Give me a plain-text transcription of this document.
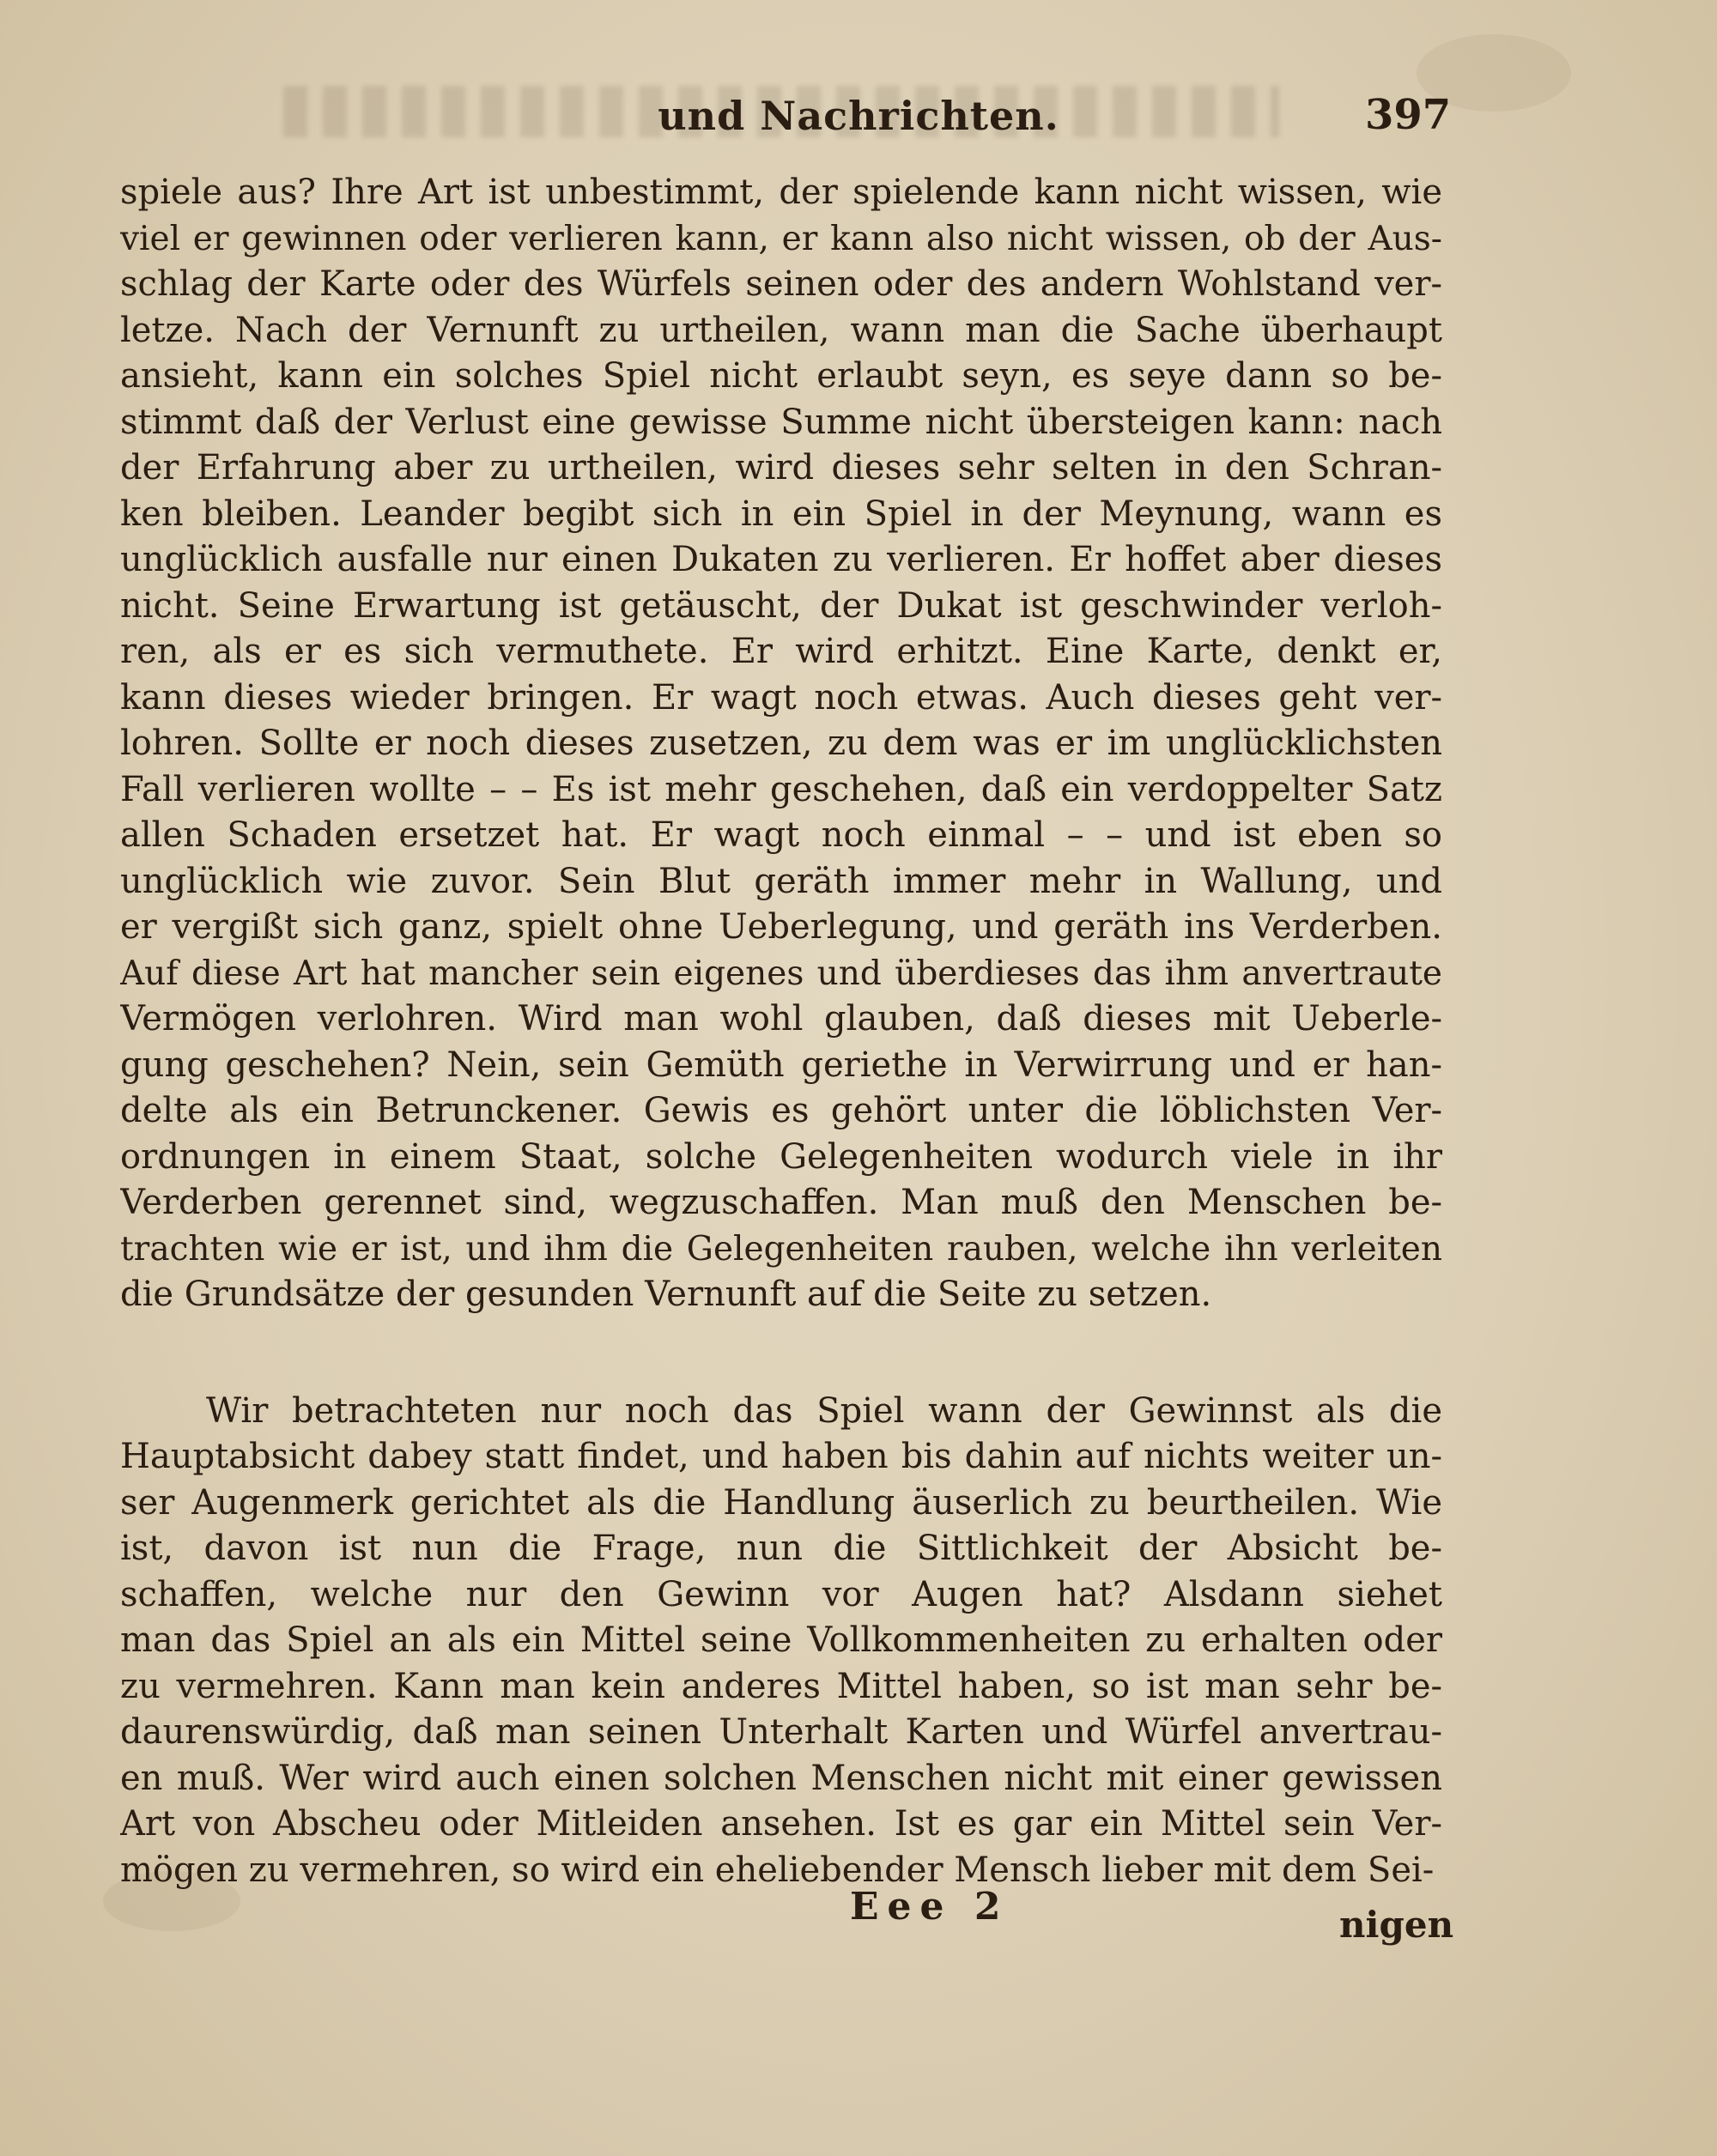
und Nachrichten.	397
spiele aus? Ihre Art ist unbestimmt, der spielende kann nicht wissen, wie
viel er gewinnen oder verlieren kann, er kann also nicht wissen, ob der Aus-
schlag der Karte oder des Würfels seinen oder des andern Wohlstand ver-
letze. Nach der Vernunft zu urtheilen, wann man die Sache überhaupt
ansieht, kann ein solches Spiel nicht erlaubt seyn, es seye dann so be-
stimmt daß der Verlust eine gewisse Summe nicht übersteigen kann: nach
der Erfahrung aber zu urtheilen, wird dieses sehr selten in den Schran-
ken bleiben. Leander begibt sich in ein Spiel in der Meynung, wann es
unglücklich ausfalle nur einen Dukaten zu verlieren. Er hoffet aber dieses
nicht. Seine Erwartung ist getäuscht, der Dukat ist geschwinder verloh-
ren, als er es sich vermuthete. Er wird erhitzt. Eine Karte, denkt er,
kann dieses wieder bringen. Er wagt noch etwas. Auch dieses geht ver-
lohren. Sollte er noch dieses zusetzen, zu dem was er im unglücklichsten
Fall verlieren wollte – – Es ist mehr geschehen, daß ein verdoppelter Satz
allen Schaden ersetzet hat. Er wagt noch einmal – – und ist eben so
unglücklich wie zuvor. Sein Blut geräth immer mehr in Wallung, und
er vergißt sich ganz, spielt ohne Ueberlegung, und geräth ins Verderben.
Auf diese Art hat mancher sein eigenes und überdieses das ihm anvertraute
Vermögen verlohren. Wird man wohl glauben, daß dieses mit Ueberle-
gung geschehen? Nein, sein Gemüth geriethe in Verwirrung und er han-
delte als ein Betrunckener. Gewis es gehört unter die löblichsten Ver-
ordnungen in einem Staat, solche Gelegenheiten wodurch viele in ihr
Verderben gerennet sind, wegzuschaffen. Man muß den Menschen be-
trachten wie er ist, und ihm die Gelegenheiten rauben, welche ihn verleiten
die Grundsätze der gesunden Vernunft auf die Seite zu setzen.
Wir betrachteten nur noch das Spiel wann der Gewinnst als die
Hauptabsicht dabey statt findet, und haben bis dahin auf nichts weiter un-
ser Augenmerk gerichtet als die Handlung äuserlich zu beurtheilen. Wie
ist, davon ist nun die Frage, nun die Sittlichkeit der Absicht be-
schaffen, welche nur den Gewinn vor Augen hat? Alsdann siehet
man das Spiel an als ein Mittel seine Vollkommenheiten zu erhalten oder
zu vermehren. Kann man kein anderes Mittel haben, so ist man sehr be-
daurenswürdig, daß man seinen Unterhalt Karten und Würfel anvertrau-
en muß. Wer wird auch einen solchen Menschen nicht mit einer gewissen
Art von Abscheu oder Mitleiden ansehen. Ist es gar ein Mittel sein Ver-
mögen zu vermehren, so wird ein eheliebender Mensch lieber mit dem Sei-
Eee 2	nigen
